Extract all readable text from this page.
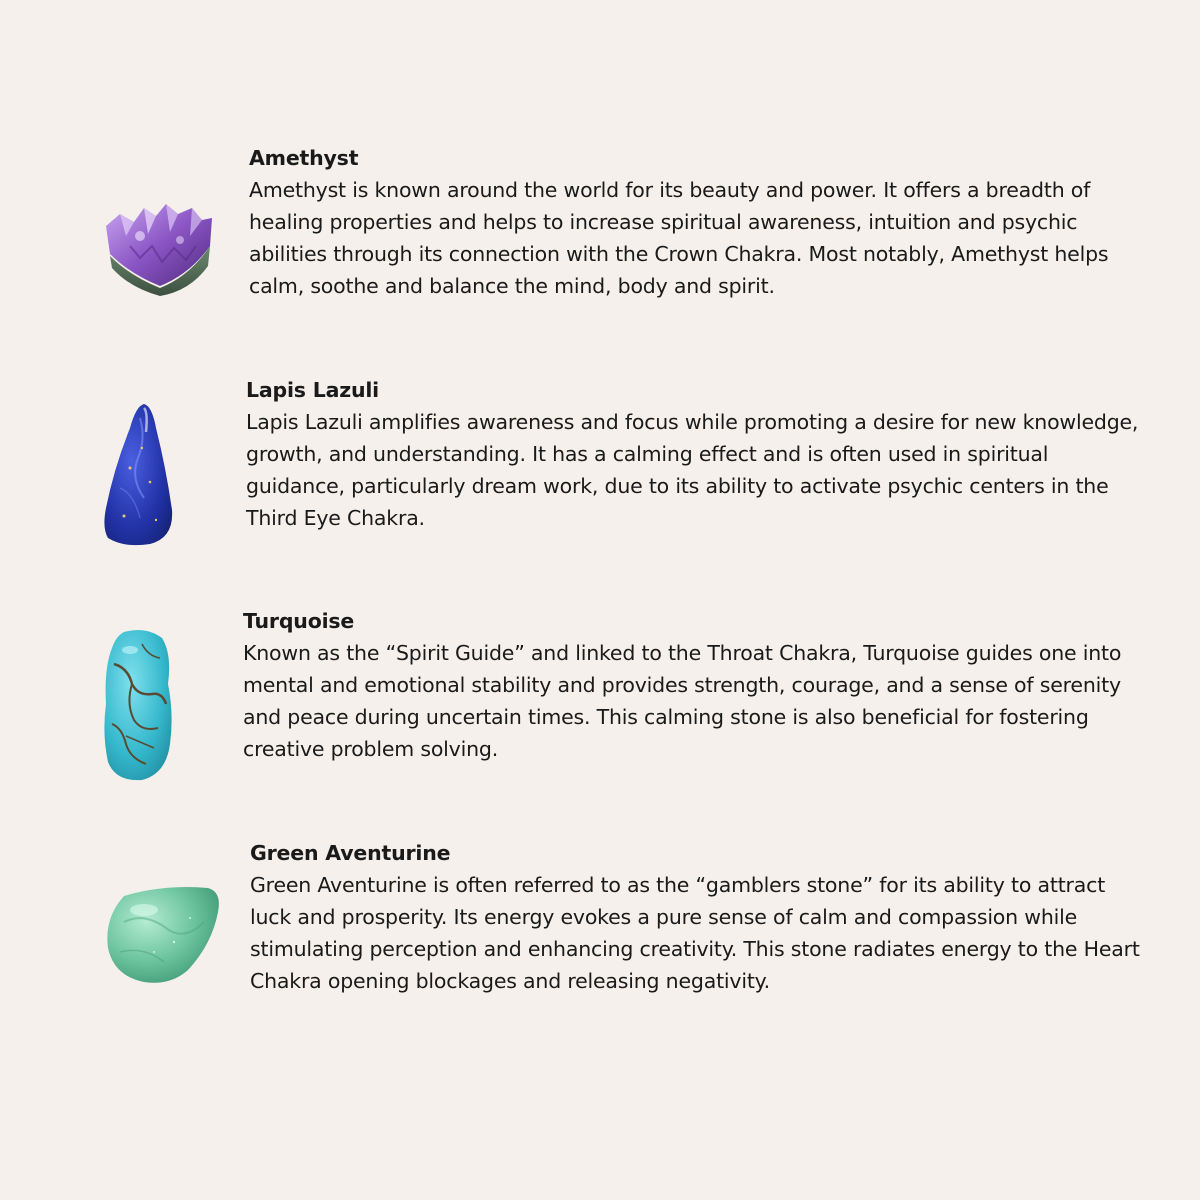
Amethyst
Amethyst is known around the world for its beauty and power. It offers a breadth of healing properties and helps to increase spiritual awareness, intuition and psychic abilities through its connection with the Crown Chakra. Most notably, Amethyst helps calm, soothe and balance the mind, body and spirit.
Lapis Lazuli
Lapis Lazuli amplifies awareness and focus while promoting a desire for new knowledge, growth, and understanding. It has a calming effect and is often used in spiritual guidance, particularly dream work, due to its ability to activate psychic centers in the Third Eye Chakra.
Turquoise
Known as the “Spirit Guide” and linked to the Throat Chakra, Turquoise guides one into mental and emotional stability and provides strength, courage, and a sense of serenity and peace during uncertain times. This calming stone is also beneficial for fostering creative problem solving.
Green Aventurine
Green Aventurine is often referred to as the “gamblers stone” for its ability to attract luck and prosperity. Its energy evokes a pure sense of calm and compassion while stimulating perception and enhancing creativity. This stone radiates energy to the Heart Chakra opening blockages and releasing negativity.
